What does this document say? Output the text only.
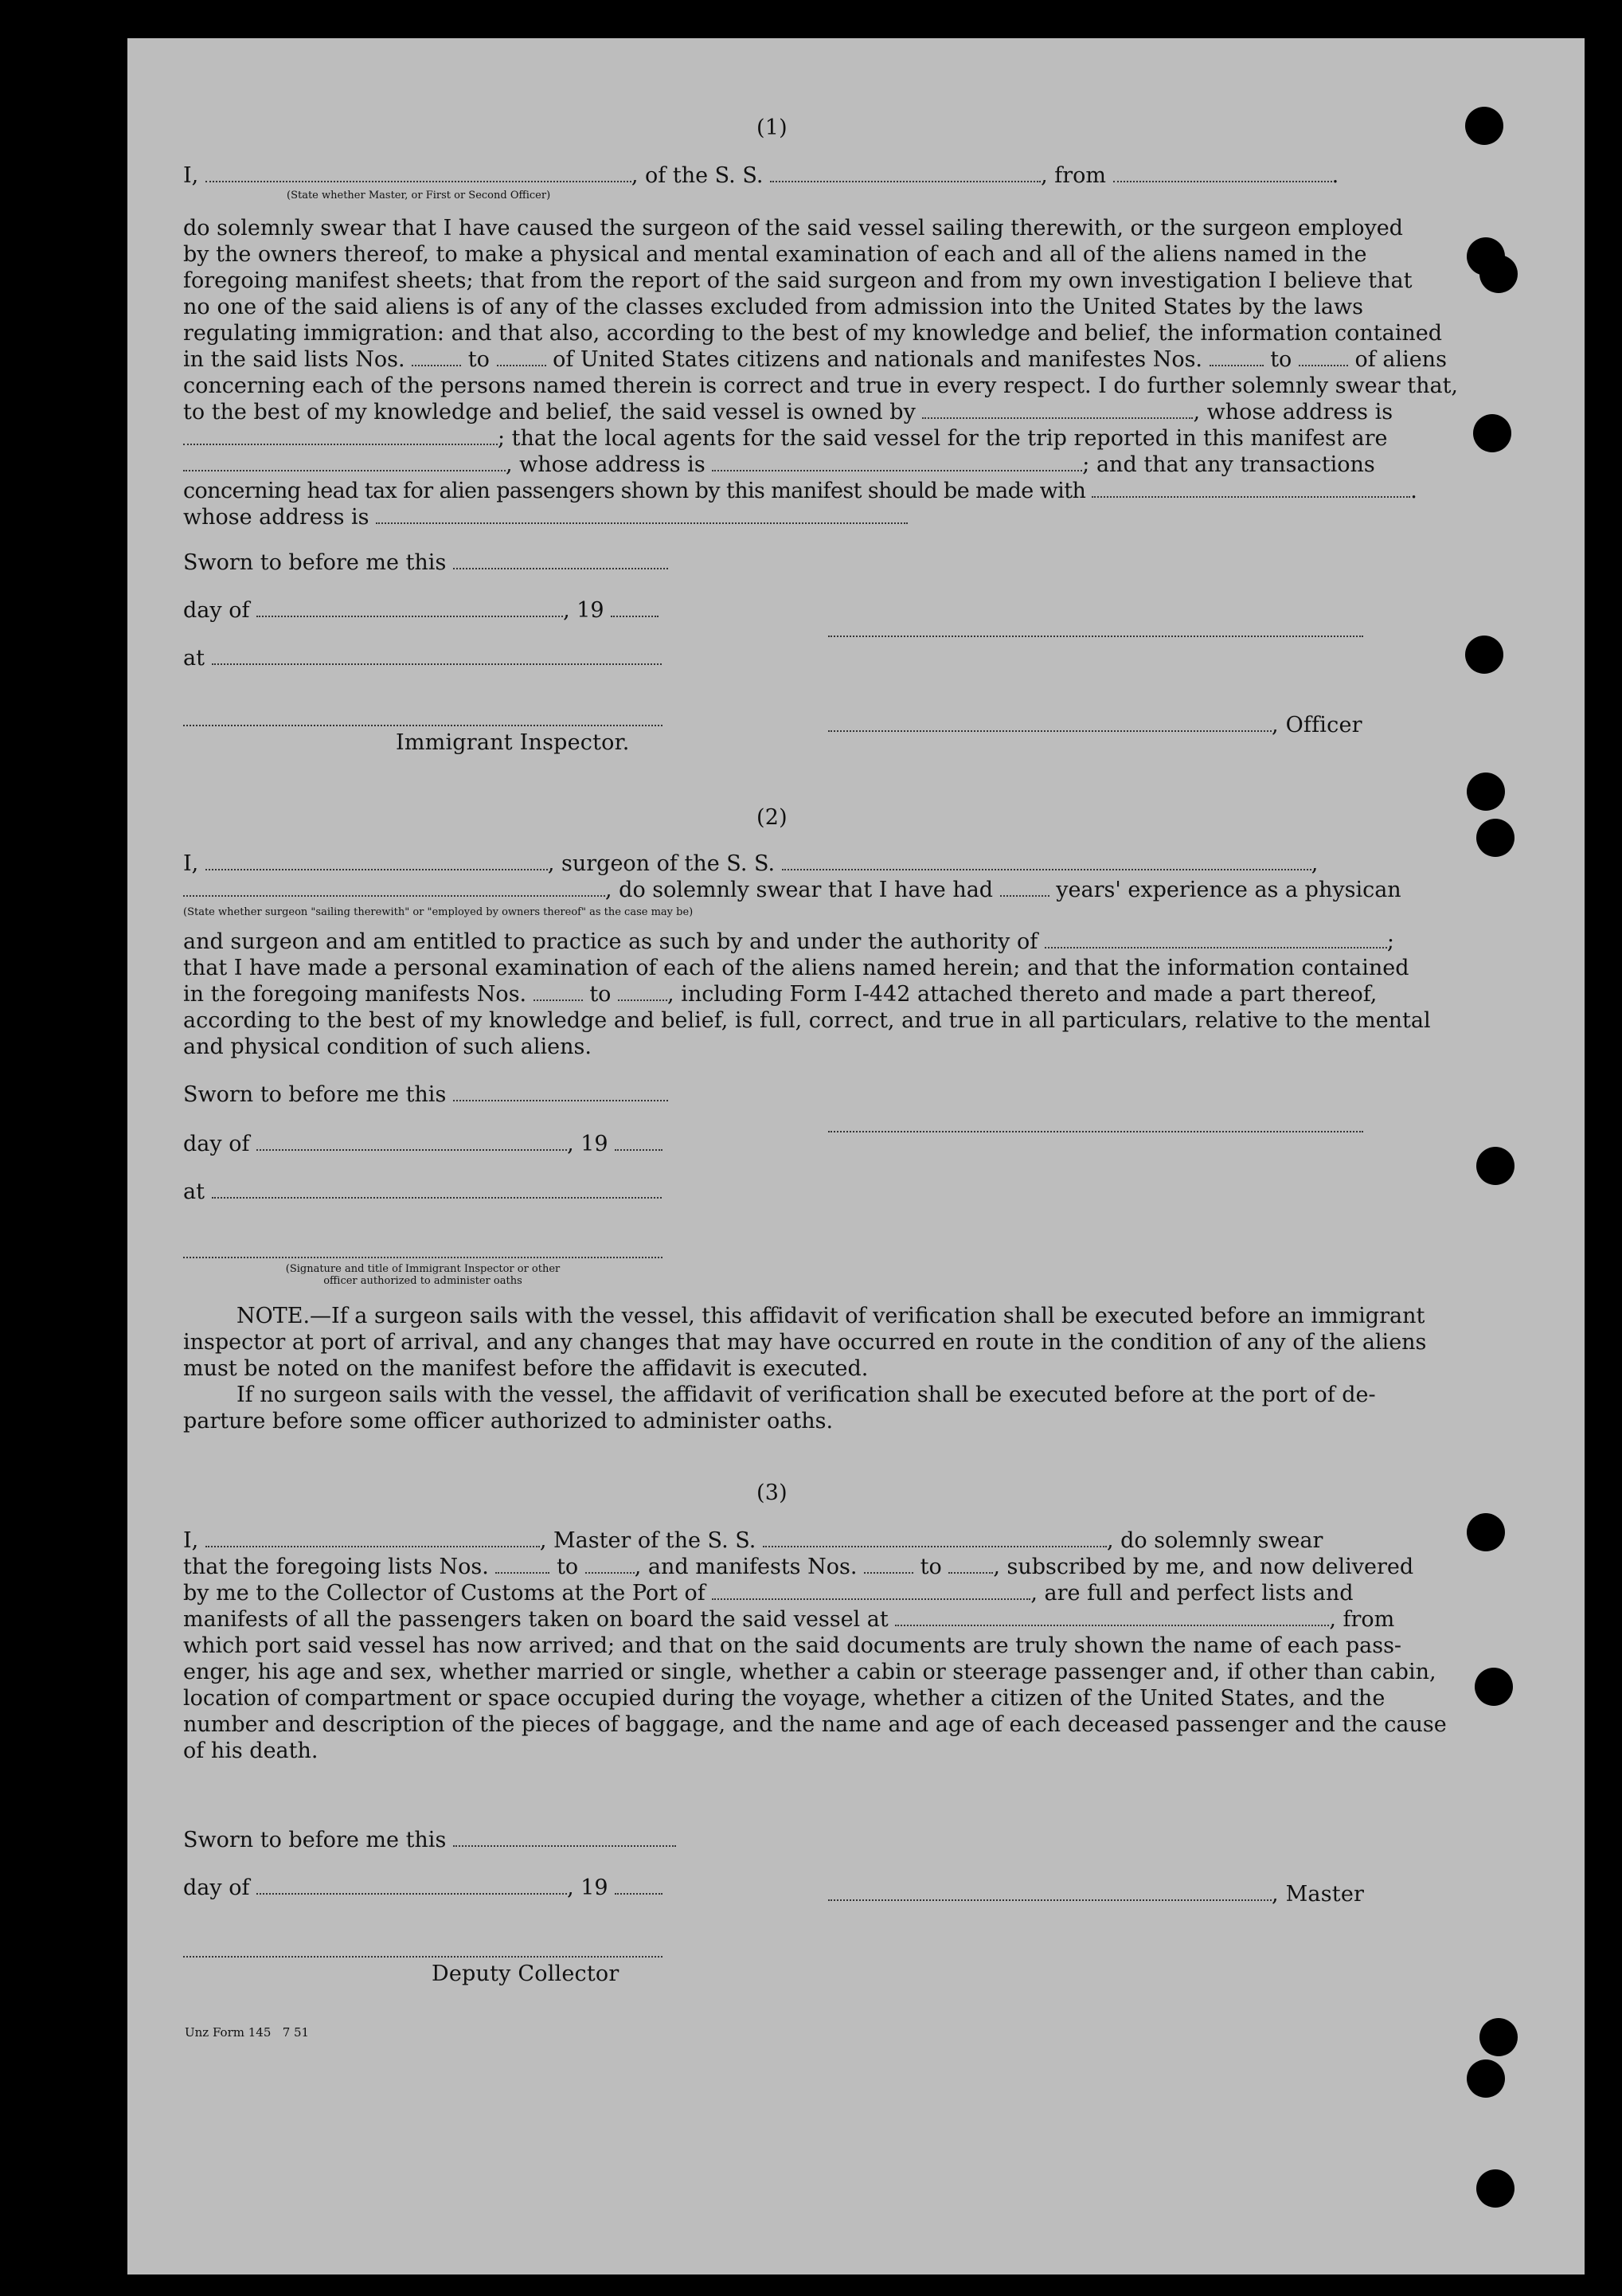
(1)
I,	, of the S. S.	, from	.
(State whether Master, or First or Second Officer)
do solemnly swear that I have caused the surgeon of the said vessel sailing therewith, or the surgeon employed
by the owners thereof, to make a physical and mental examination of each and all of the aliens named in the
foregoing manifest sheets; that from the report of the said surgeon and from my own investigation I believe that
no one of the said aliens is of any of the classes excluded from admission into the United States by the laws
regulating immigration: and that also, according to the best of my knowledge and belief, the information contained
in the said lists Nos.	to	of United States citizens and nationals and manifestes Nos.	to	of aliens
concerning each of the persons named therein is correct and true in every respect. I do further solemnly swear that,
to the best of my knowledge and belief, the said vessel is owned by	, whose address is
; that the local agents for the said vessel for the trip reported in this manifest are
, whose address is	; and that any transactions
concerning head tax for alien passengers shown by this manifest should be made with	.
whose address is
Sworn to before me this
day of	, 19
at
, Officer
Immigrant Inspector.
(2)
I,	, surgeon of the S. S.	,
, do solemnly swear that I have had	years' experience as a physican
(State whether surgeon "sailing therewith" or "employed by owners thereof" as the case may be)
and surgeon and am entitled to practice as such by and under the authority of	;
that I have made a personal examination of each of the aliens named herein; and that the information contained
in the foregoing manifests Nos.	to	, including Form I-442 attached thereto and made a part thereof,
according to the best of my knowledge and belief, is full, correct, and true in all particulars, relative to the mental
and physical condition of such aliens.
Sworn to before me this
day of	, 19
at
(Signature and title of Immigrant Inspector or other
officer authorized to administer oaths
NOTE.—If a surgeon sails with the vessel, this affidavit of verification shall be executed before an immigrant
inspector at port of arrival, and any changes that may have occurred en route in the condition of any of the aliens
must be noted on the manifest before the affidavit is executed.
If no surgeon sails with the vessel, the affidavit of verification shall be executed before at the port of de-
parture before some officer authorized to administer oaths.
(3)
I,	, Master of the S. S.	, do solemnly swear
that the foregoing lists Nos.	to	, and manifests Nos.	to , subscribed by me, and now delivered
by me to the Collector of Customs at the Port of	, are full and perfect lists and
manifests of all the passengers taken on board the said vessel at	, from
which port said vessel has now arrived; and that on the said documents are truly shown the name of each pass-
enger, his age and sex, whether married or single, whether a cabin or steerage passenger and, if other than cabin,
location of compartment or space occupied during the voyage, whether a citizen of the United States, and the
number and description of the pieces of baggage, and the name and age of each deceased passenger and the cause
of his death.
Sworn to before me this
day of	, 19	, Master
Deputy Collector
Unz Form 145   7 51
